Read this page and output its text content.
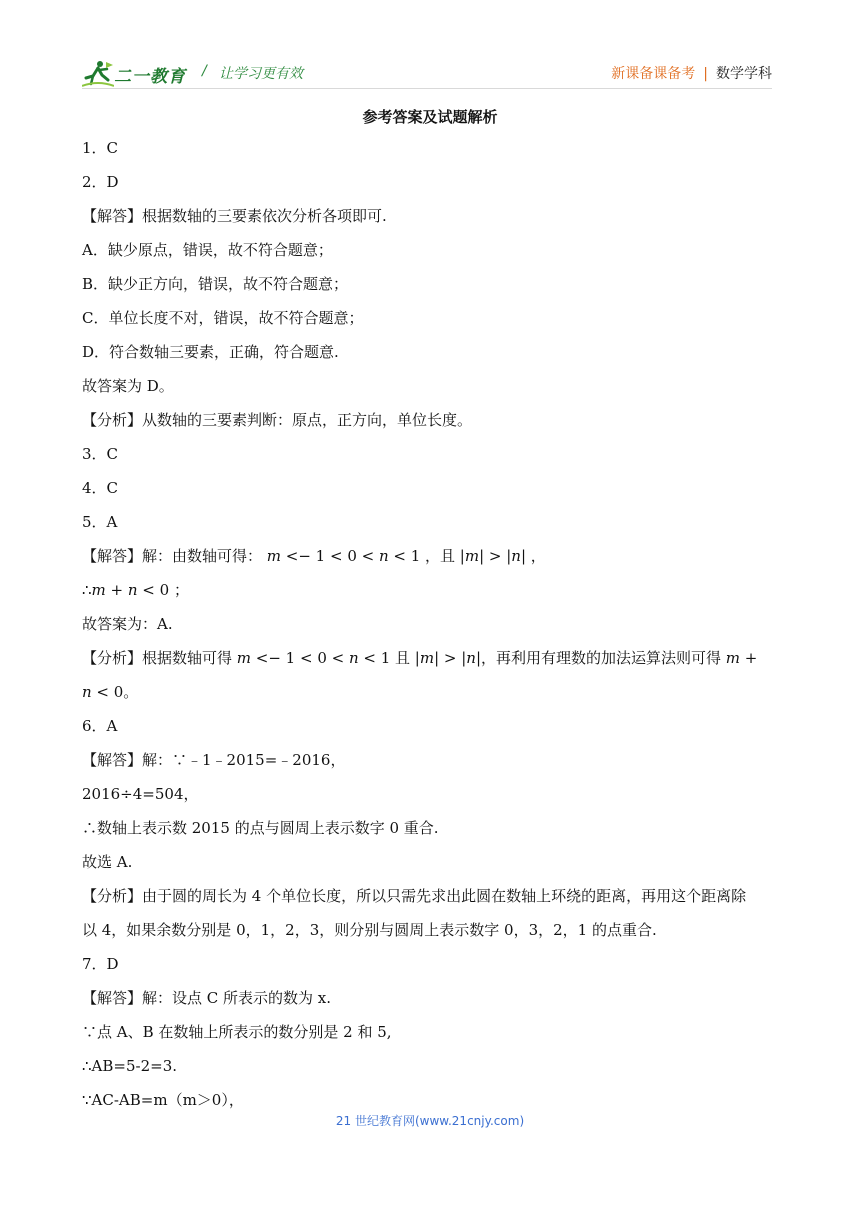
二一教育 / 让学习更有效	新课备课备考 | 数学学科
参考答案及试题解析
1．C
2．D
【解答】根据数轴的三要素依次分析各项即可.
A．缺少原点，错误，故不符合题意；
B．缺少正方向，错误，故不符合题意；
C．单位长度不对，错误，故不符合题意；
D．符合数轴三要素，正确，符合题意.
故答案为 D。
【分析】从数轴的三要素判断：原点，正方向，单位长度。
3．C
4．C
5．A
【解答】解：由数轴可得： 𝑚 <− 1 < 0 < 𝑛 < 1 ，且 |𝑚| > |𝑛| ，
∴𝑚 + 𝑛 < 0 ；
故答案为：A.
【分析】根据数轴可得 𝑚 <− 1 < 0 < 𝑛 < 1 且 |𝑚| > |𝑛|，再利用有理数的加法运算法则可得 𝑚 +
𝑛 < 0。
6．A
【解答】解：∵﹣1﹣2015=﹣2016，
2016÷4=504，
∴数轴上表示数 2015 的点与圆周上表示数字 0 重合.
故选 A.
【分析】由于圆的周长为 4 个单位长度，所以只需先求出此圆在数轴上环绕的距离，再用这个距离除
以 4，如果余数分别是 0，1，2，3，则分别与圆周上表示数字 0，3，2，1 的点重合.
7．D
【解答】解：设点 C 所表示的数为 x.
∵点 A、B 在数轴上所表示的数分别是 2 和 5,
∴AB=5-2=3.
∵AC-AB=m（m＞0），
21 世纪教育网(www.21cnjy.com)
